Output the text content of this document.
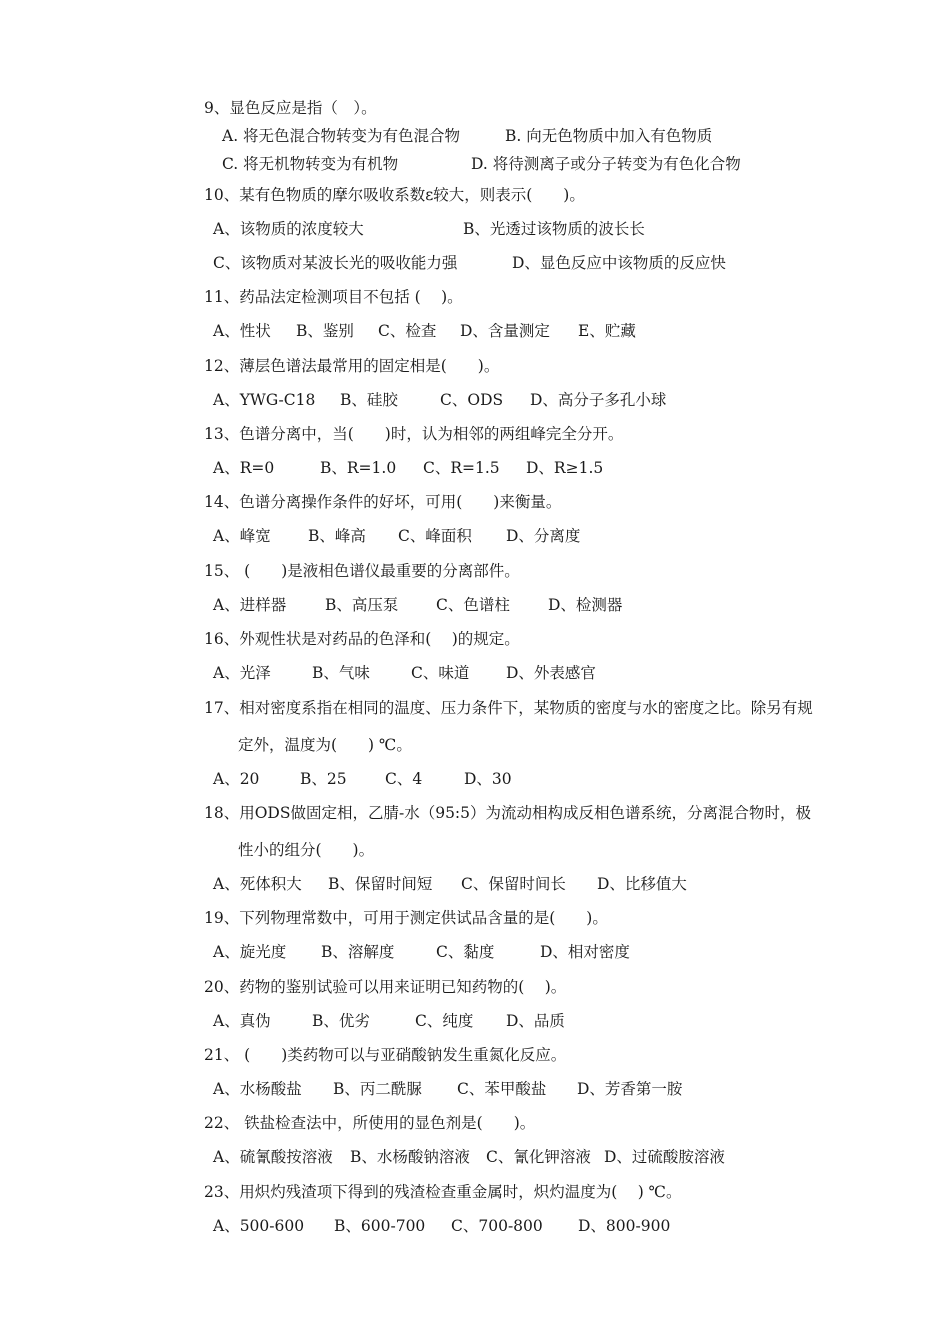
9、显色反应是指（　）。
A. 将无色混合物转变为有色混合物	B. 向无色物质中加入有色物质
C. 将无机物转变为有机物	D. 将待测离子或分子转变为有色化合物
10、某有色物质的摩尔吸收系数ε较大，则表示(　　)。
A、该物质的浓度较大	B、光透过该物质的波长长
C、该物质对某波长光的吸收能力强	D、显色反应中该物质的反应快
11、药品法定检测项目不包括 (　 )。
A、性状 B、鉴别 C、检查 D、含量测定 E、贮藏
12、薄层色谱法最常用的固定相是(　　)。
A、YWG-C18 B、硅胶	C、ODS D、高分子多孔小球
13、色谱分离中，当(　　)时，认为相邻的两组峰完全分开。
A、R=0	B、R=1.0 C、R=1.5 D、R≥1.5
14、色谱分离操作条件的好坏，可用(　　)来衡量。
A、峰宽 B、峰高 C、峰面积 D、分离度
15、 (　　)是液相色谱仪最重要的分离部件。
A、进样器	B、高压泵 C、色谱柱 D、检测器
16、外观性状是对药品的色泽和(　 )的规定。
A、光泽	B、气味	C、味道 D、外表感官
17、相对密度系指在相同的温度、压力条件下，某物质的密度与水的密度之比。除另有规
定外，温度为(　　) ℃。
A、20	B、25 C、4	D、30
18、用ODS做固定相，乙腈-水（95:5）为流动相构成反相色谱系统，分离混合物时，极
性小的组分(　　)。
A、死体积大 B、保留时间短 C、保留时间长 D、比移值大
19、下列物理常数中，可用于测定供试品含量的是(　　)。
A、旋光度 B、溶解度	C、黏度	D、相对密度
20、药物的鉴别试验可以用来证明已知药物的(　 )。
A、真伪	B、优劣	C、纯度 D、品质
21、 (　　)类药物可以与亚硝酸钠发生重氮化反应。
A、水杨酸盐 B、丙二酰脲 C、苯甲酸盐 D、芳香第一胺
22、 铁盐检查法中，所使用的显色剂是(　　)。
A、硫氰酸按溶液 B、水杨酸钠溶液 C、氰化钾溶液 D、过硫酸胺溶液
23、用炽灼残渣项下得到的残渣检查重金属时，炽灼温度为(　 ) ℃。
A、500-600 B、600-700 C、700-800 D、800-900
